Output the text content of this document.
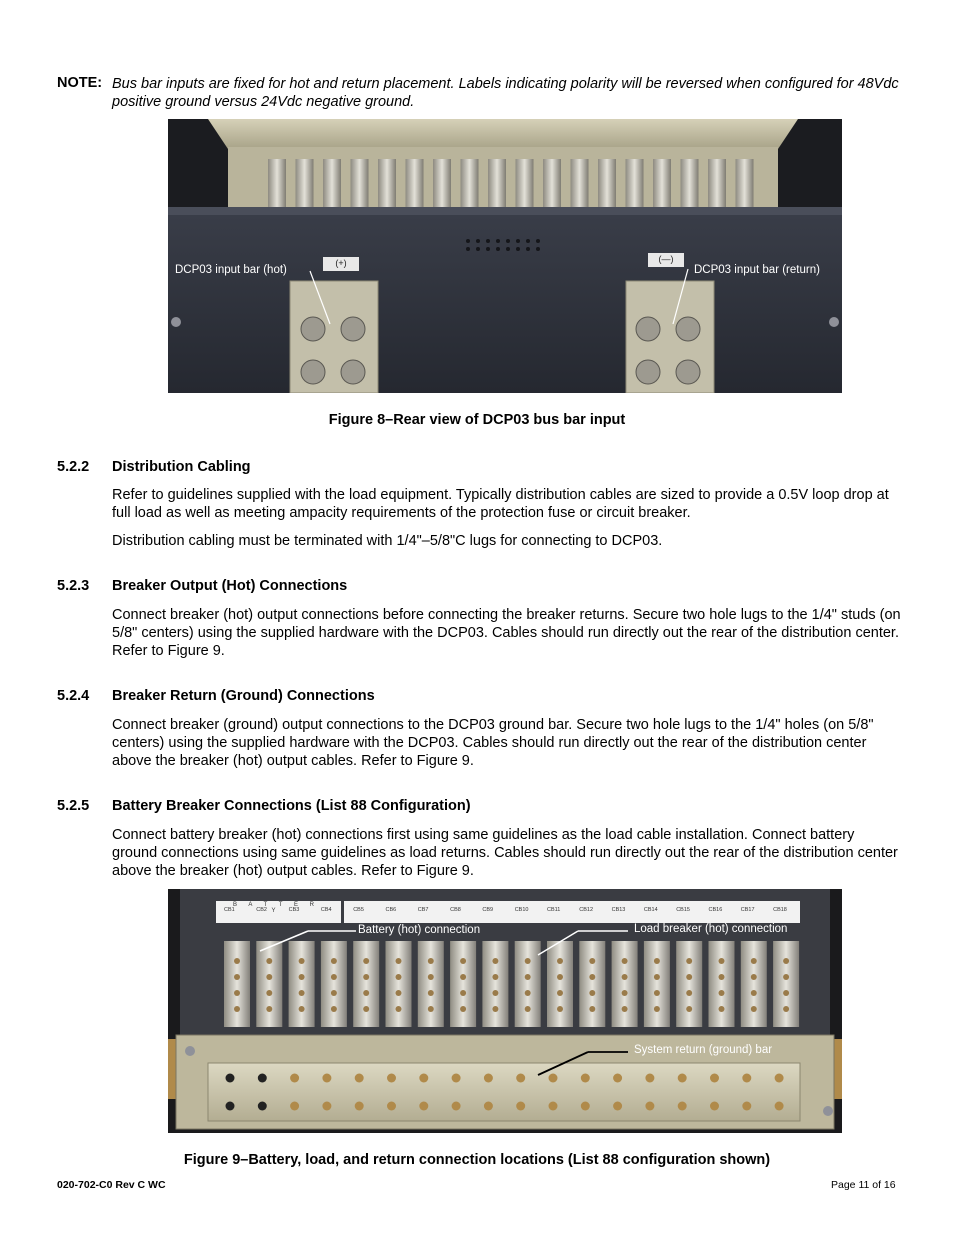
NOTE: Bus bar inputs are fixed for hot and return placement. Labels indicating polarity will be reversed when configured for 48Vdc positive ground versus 24Vdc negative ground.
(+)	(—)
DCP03 input bar (hot)	DCP03 input bar (return)
Figure 8–Rear view of DCP03 bus bar input
5.2.2 Distribution Cabling
Refer to guidelines supplied with the load equipment. Typically distribution cables are sized to provide a 0.5V loop drop at full load as well as meeting ampacity requirements of the protection fuse or circuit breaker.
Distribution cabling must be terminated with 1/4"–5/8"C lugs for connecting to DCP03.
5.2.3 Breaker Output (Hot) Connections
Connect breaker (hot) output connections before connecting the breaker returns. Secure two hole lugs to the 1/4" studs (on 5/8" centers) using the supplied hardware with the DCP03. Cables should run directly out the rear of the distribution center. Refer to Figure 9.
5.2.4 Breaker Return (Ground) Connections
Connect breaker (ground) output connections to the DCP03 ground bar. Secure two hole lugs to the 1/4" holes (on 5/8" centers) using the supplied hardware with the DCP03. Cables should run directly out the rear of the distribution center above the breaker (hot) output cables. Refer to Figure 9.
5.2.5 Battery Breaker Connections (List 88 Configuration)
Connect battery breaker (hot) connections first using same guidelines as the load cable installation. Connect battery ground connections using same guidelines as load returns. Cables should run directly out the rear of the distribution center above the breaker (hot) output cables. Refer to Figure 9.
B A T T E R Y
CB1	CB2	CB3	CB4	CB5	CB6	CB7	CB8	CB9	CB10	CB11	CB12	CB13	CB14	CB15	CB16	CB17	CB18
Battery (hot) connection	Load breaker (hot) connection
System return (ground) bar
Figure 9–Battery, load, and return connection locations (List 88 configuration shown)
020-702-C0 Rev C WC	Page 11 of 16
